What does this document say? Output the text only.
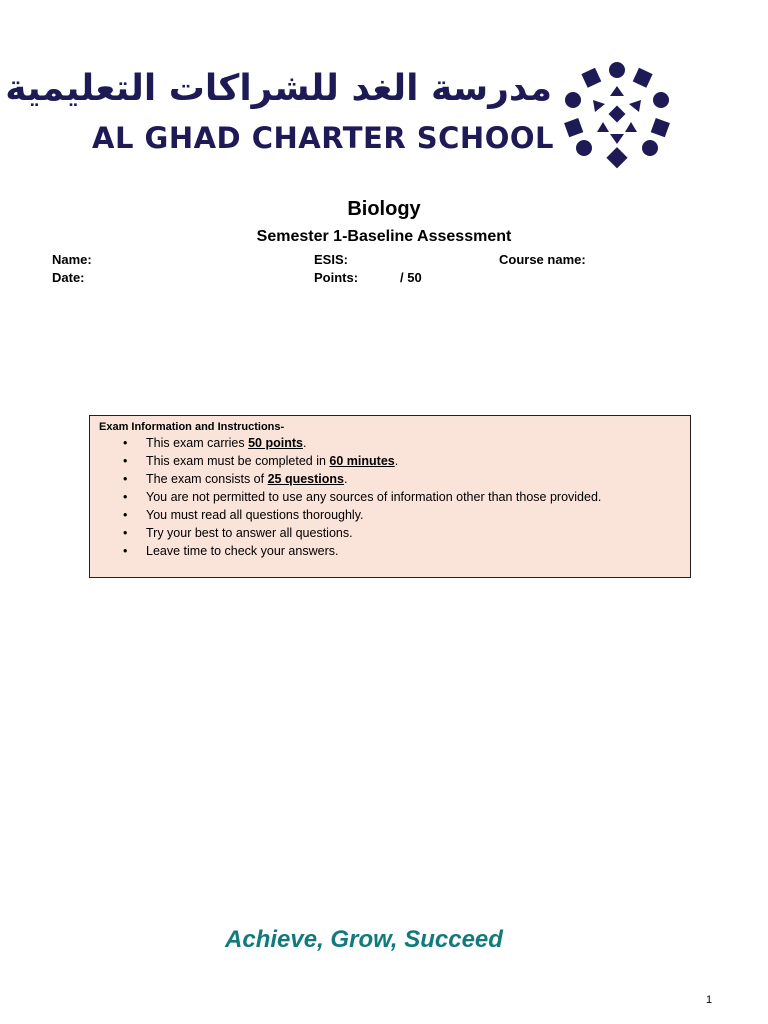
مدرسة الغد للشراكات التعليمية
AL GHAD CHARTER SCHOOL
Biology
Semester 1-Baseline Assessment
Name:	ESIS:	Course name:
Date:	Points:	/ 50
Exam Information and Instructions-
• This exam carries 50 points.
• This exam must be completed in 60 minutes.
• The exam consists of 25 questions.
• You are not permitted to use any sources of information other than those provided.
• You must read all questions thoroughly.
• Try your best to answer all questions.
• Leave time to check your answers.
Achieve, Grow, Succeed
1
